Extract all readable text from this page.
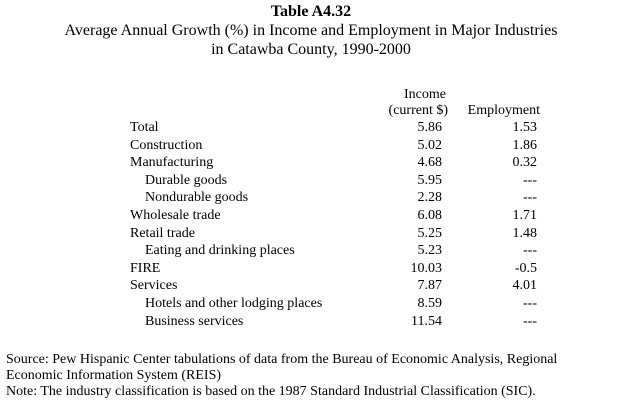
Table A4.32
Average Annual Growth (%) in Income and Employment in Major Industries
in Catawba County, 1990-2000
Income
(current $) Employment
Total	5.86	1.53
Construction	5.02	1.86
Manufacturing	4.68	0.32
Durable goods	5.95	---
Nondurable goods	2.28	---
Wholesale trade	6.08	1.71
Retail trade	5.25	1.48
Eating and drinking places	5.23	---
FIRE	10.03	-0.5
Services	7.87	4.01
Hotels and other lodging places	8.59	---
Business services	11.54	---
Source: Pew Hispanic Center tabulations of data from the Bureau of Economic Analysis, Regional
Economic Information System (REIS)
Note: The industry classification is based on the 1987 Standard Industrial Classification (SIC).
